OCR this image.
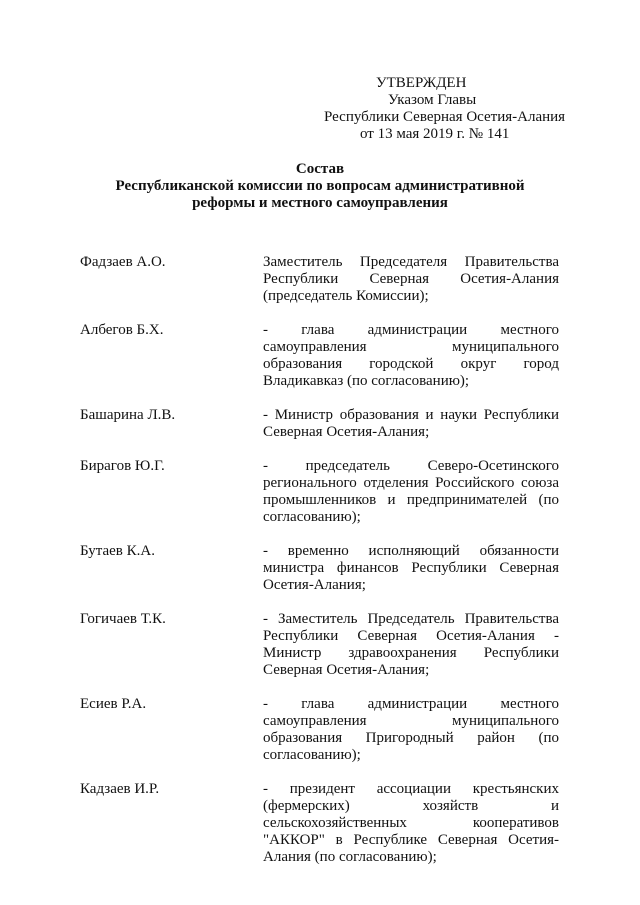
УТВЕРЖДЕН
Указом Главы
Республики Северная Осетия-Алания
от 13 мая 2019 г. № 141
Состав
Республиканской комиссии по вопросам административной
реформы и местного самоуправления
Фадзаев А.О.	Заместитель Председателя Правительства Республики Северная Осетия-Алания (председатель Комиссии);
Албегов Б.Х.	- глава администрации местного самоуправления муниципального образования городской округ город Владикавказ (по согласованию);
Башарина Л.В.	- Министр образования и науки Республики Северная Осетия-Алания;
Бирагов Ю.Г.	- председатель Северо-Осетинского регионального отделения Российского союза промышленников и предпринимателей (по согласованию);
Бутаев К.А.	- временно исполняющий обязанности министра финансов Республики Северная Осетия-Алания;
Гогичаев Т.К.	- Заместитель Председатель Правительства Республики Северная Осетия-Алания - Министр здравоохранения Республики Северная Осетия-Алания;
Есиев Р.А.	- глава администрации местного самоуправления муниципального образования Пригородный район (по согласованию);
Кадзаев И.Р.	- президент ассоциации крестьянских (фермерских) хозяйств и сельскохозяйственных кооперативов "АККОР" в Республике Северная Осетия-Алания (по согласованию);
